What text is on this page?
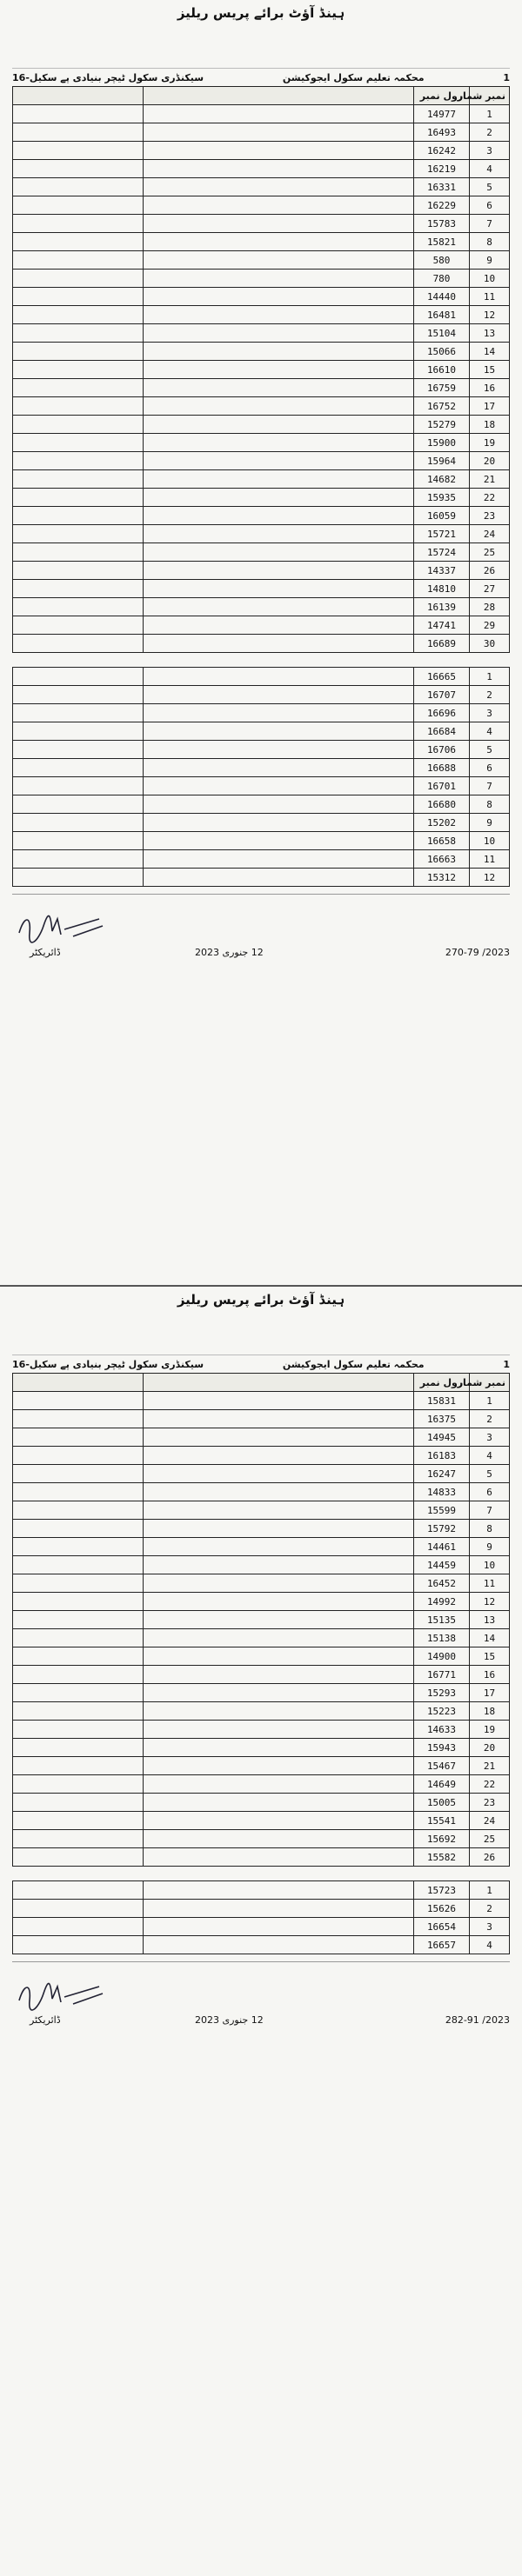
ہینڈ آؤٹ برائے پریس ریلیز
1
محکمہ تعلیم سکول ایجوکیشن
سیکنڈری سکول ٹیچر بنیادی پے سکیل-16
نمبر شمار	رول نمبر		
1	14977		
2	16493		
3	16242		
4	16219		
5	16331		
6	16229		
7	15783		
8	15821		
9	580		
10	780		
11	14440		
12	16481		
13	15104		
14	15066		
15	16610		
16	16759		
17	16752		
18	15279		
19	15900		
20	15964		
21	14682		
22	15935		
23	16059		
24	15721		
25	15724		
26	14337		
27	14810		
28	16139		
29	14741		
30	16689		
1	16665		
2	16707		
3	16696		
4	16684		
5	16706		
6	16688		
7	16701		
8	16680		
9	15202		
10	16658		
11	16663		
12	15312		
ڈائریکٹر	12 جنوری 2023	2023/ 270-79
ہینڈ آؤٹ برائے پریس ریلیز
1
محکمہ تعلیم سکول ایجوکیشن
سیکنڈری سکول ٹیچر بنیادی پے سکیل-16
نمبر شمار	رول نمبر		
1	15831		
2	16375		
3	14945		
4	16183		
5	16247		
6	14833		
7	15599		
8	15792		
9	14461		
10	14459		
11	16452		
12	14992		
13	15135		
14	15138		
15	14900		
16	16771		
17	15293		
18	15223		
19	14633		
20	15943		
21	15467		
22	14649		
23	15005		
24	15541		
25	15692		
26	15582		
1	15723		
2	15626		
3	16654		
4	16657		
ڈائریکٹر	12 جنوری 2023	2023/ 282-91
